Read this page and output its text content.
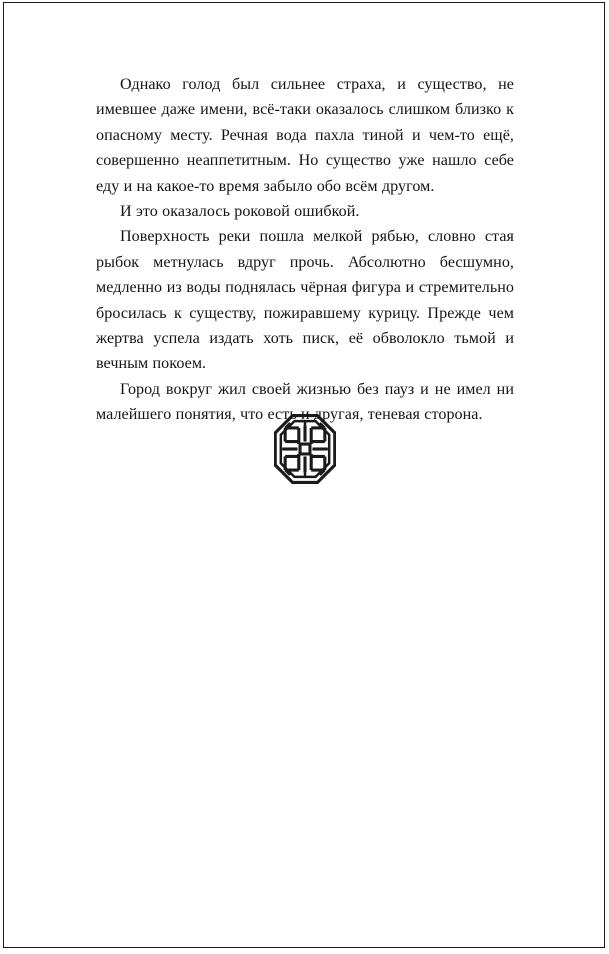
Однако голод был сильнее страха, и существо, не имевшее даже имени, всё-таки оказалось слишком близко к опасному месту. Речная вода пахла тиной и чем-то ещё, совершенно неаппетитным. Но существо уже нашло себе еду и на какое-то время забыло обо всём другом.

И это оказалось роковой ошибкой.

Поверхность реки пошла мелкой рябью, словно стая рыбок метнулась вдруг прочь. Абсолютно бесшумно, медленно из воды поднялась чёрная фигура и стремительно бросилась к существу, пожиравшему курицу. Прежде чем жертва успела издать хоть писк, её обволокло тьмой и вечным покоем.

Город вокруг жил своей жизнью без пауз и не имел ни малейшего понятия, что есть и другая, теневая сторона.
